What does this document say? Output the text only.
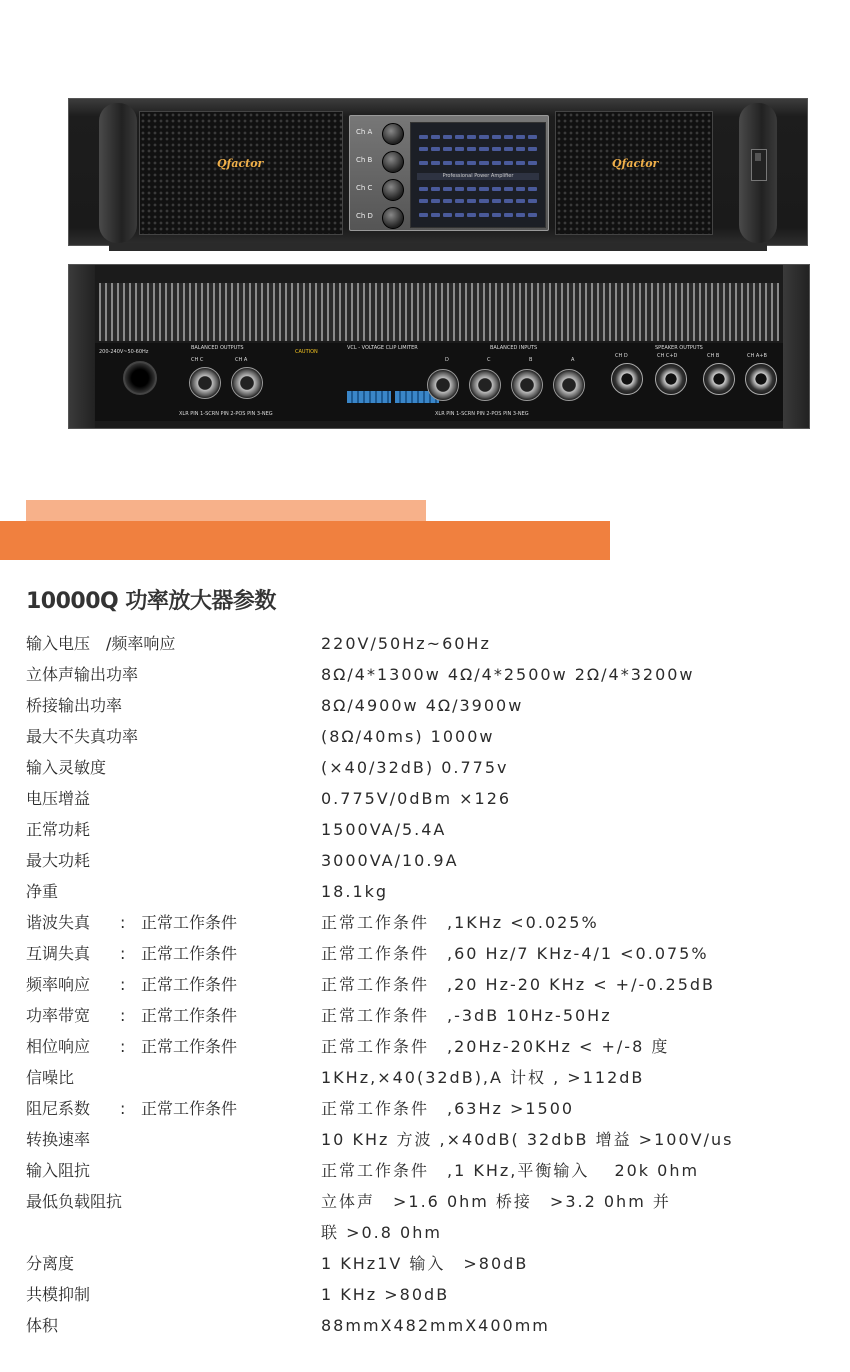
Qfactor	Qfactor
Ch A
Ch B
Ch C
Ch D
Professional Power Amplifier
200-240V~50-60Hz
BALANCED OUTPUTS
CH C	CH A
XLR PIN 1-SCRN PIN 2-POS PIN 3-NEG
CAUTION
VCL - VOLTAGE CLIP LIMITER	BALANCED INPUTS
D	C	B	A
XLR PIN 1-SCRN PIN 2-POS PIN 3-NEG
SPEAKER OUTPUTS
CH D	CH C+D	CH B	CH A+B
10000Q 功率放大器参数
输入电压　/频率响应	220V/50Hz~60Hz
立体声输出功率	8Ω/4*1300w 4Ω/4*2500w 2Ω/4*3200w
桥接输出功率	8Ω/4900w 4Ω/3900w
最大不失真功率	(8Ω/40ms) 1000w
输入灵敏度	(×40/32dB) 0.775v
电压增益	0.775V/0dBm ×126
正常功耗	1500VA/5.4A
最大功耗	3000VA/10.9A
净重	18.1kg
谐波失真 : 正常工作条件	正常工作条件　,1KHz <0.025%
互调失真 : 正常工作条件	正常工作条件　,60 Hz/7 KHz-4/1 <0.075%
频率响应 : 正常工作条件	正常工作条件　,20 Hz-20 KHz < +/-0.25dB
功率带宽 : 正常工作条件	正常工作条件　,-3dB 10Hz-50Hz
相位响应 : 正常工作条件	正常工作条件　,20Hz-20KHz < +/-8 度
信噪比	1KHz,×40(32dB),A 计权 , >112dB
阻尼系数 : 正常工作条件	正常工作条件　,63Hz >1500
转换速率	10 KHz 方波 ,×40dB( 32dbB 增益 >100V/us
输入阻抗	正常工作条件　,1 KHz,平衡输入　 20k 0hm
最低负载阻抗	立体声　>1.6 0hm 桥接　>3.2 0hm 并
联 >0.8 0hm
分离度	1 KHz1V 输入　>80dB
共模抑制	1 KHz >80dB
体积	88mmX482mmX400mm
